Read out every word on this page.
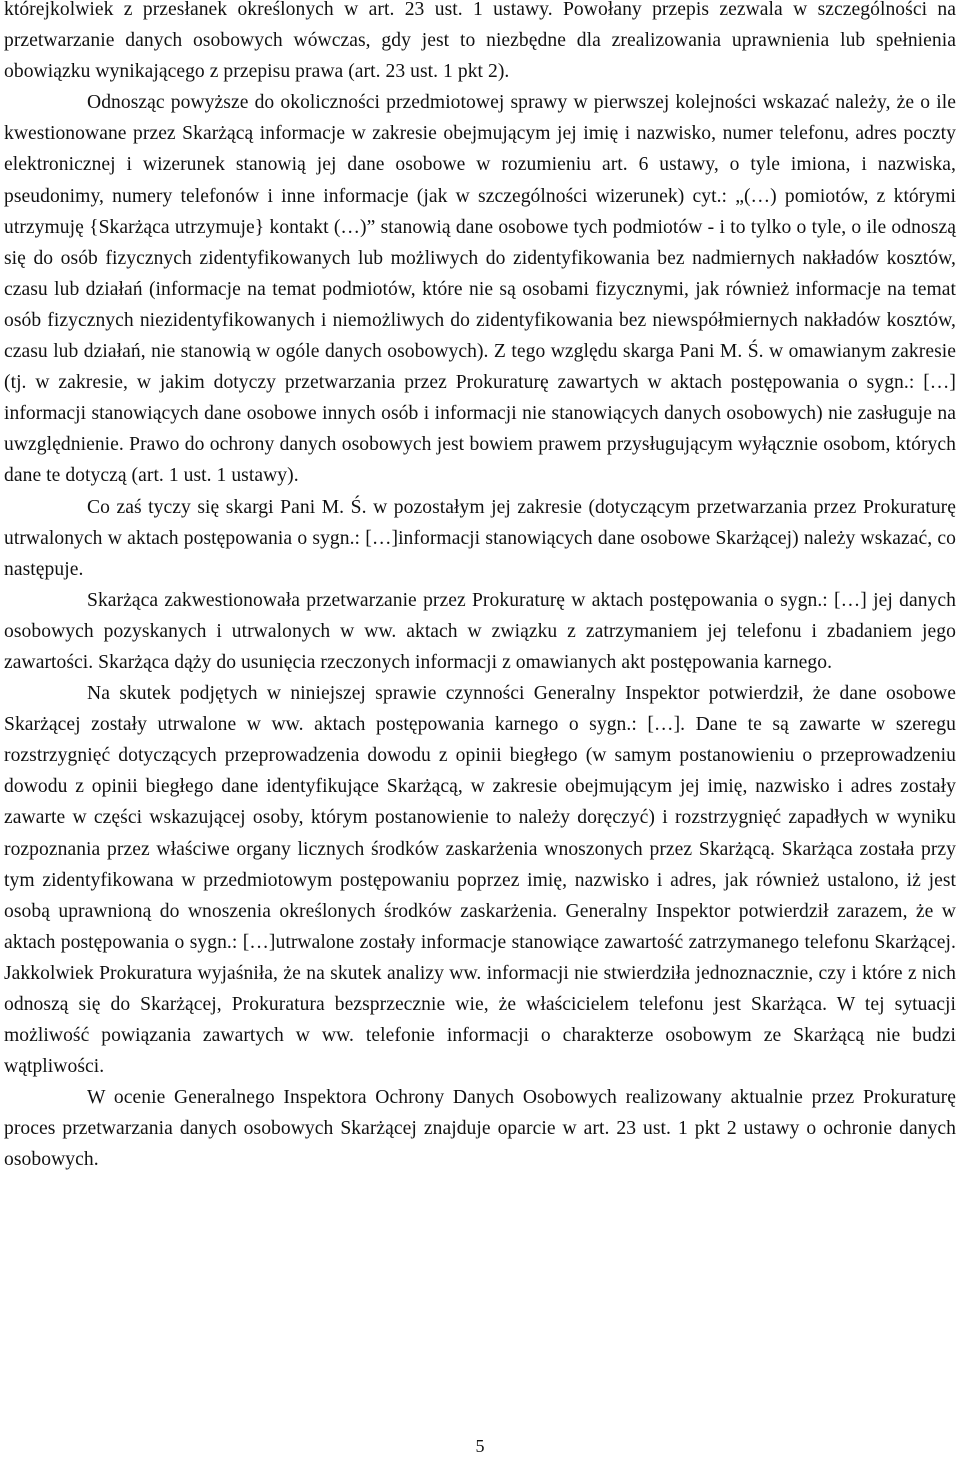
którejkolwiek z przesłanek określonych w art. 23 ust. 1 ustawy. Powołany przepis zezwala w szczególności na przetwarzanie danych osobowych wówczas, gdy jest to niezbędne dla zrealizowania uprawnienia lub spełnienia obowiązku wynikającego z przepisu prawa (art. 23 ust. 1 pkt 2).

Odnosząc powyższe do okoliczności przedmiotowej sprawy w pierwszej kolejności wskazać należy, że o ile kwestionowane przez Skarżącą informacje w zakresie obejmującym jej imię i nazwisko, numer telefonu, adres poczty elektronicznej i wizerunek stanowią jej dane osobowe w rozumieniu art. 6 ustawy, o tyle imiona, i nazwiska, pseudonimy, numery telefonów i inne informacje (jak w szczególności wizerunek) cyt.: „(…) pomiotów, z którymi utrzymuję {Skarżąca utrzymuje} kontakt (…)” stanowią dane osobowe tych podmiotów - i to tylko o tyle, o ile odnoszą się do osób fizycznych zidentyfikowanych lub możliwych do zidentyfikowania bez nadmiernych nakładów kosztów, czasu lub działań (informacje na temat podmiotów, które nie są osobami fizycznymi, jak również informacje na temat osób fizycznych niezidentyfikowanych i niemożliwych do zidentyfikowania bez niewspółmiernych nakładów kosztów, czasu lub działań, nie stanowią w ogóle danych osobowych). Z tego względu skarga Pani M. Ś. w omawianym zakresie (tj. w zakresie, w jakim dotyczy przetwarzania przez Prokuraturę zawartych w aktach postępowania o sygn.: […] informacji stanowiących dane osobowe innych osób i informacji nie stanowiących danych osobowych) nie zasługuje na uwzględnienie. Prawo do ochrony danych osobowych jest bowiem prawem przysługującym wyłącznie osobom, których dane te dotyczą (art. 1 ust. 1 ustawy).

Co zaś tyczy się skargi Pani M. Ś. w pozostałym jej zakresie (dotyczącym przetwarzania przez Prokuraturę utrwalonych w aktach postępowania o sygn.: […]informacji stanowiących dane osobowe Skarżącej) należy wskazać, co następuje.

Skarżąca zakwestionowała przetwarzanie przez Prokuraturę w aktach postępowania o sygn.: […] jej danych osobowych pozyskanych i utrwalonych w ww. aktach w związku z zatrzymaniem jej telefonu i zbadaniem jego zawartości. Skarżąca dąży do usunięcia rzeczonych informacji z omawianych akt postępowania karnego.

Na skutek podjętych w niniejszej sprawie czynności Generalny Inspektor potwierdził, że dane osobowe Skarżącej zostały utrwalone w ww. aktach postępowania karnego o sygn.: […]. Dane te są zawarte w szeregu rozstrzygnięć dotyczących przeprowadzenia dowodu z opinii biegłego (w samym postanowieniu o przeprowadzeniu dowodu z opinii biegłego dane identyfikujące Skarżącą, w zakresie obejmującym jej imię, nazwisko i adres zostały zawarte w części wskazującej osoby, którym postanowienie to należy doręczyć) i rozstrzygnięć zapadłych w wyniku rozpoznania przez właściwe organy licznych środków zaskarżenia wnoszonych przez Skarżącą. Skarżąca została przy tym zidentyfikowana w przedmiotowym postępowaniu poprzez imię, nazwisko i adres, jak również ustalono, iż jest osobą uprawnioną do wnoszenia określonych środków zaskarżenia. Generalny Inspektor potwierdził zarazem, że w aktach postępowania o sygn.: […]utrwalone zostały informacje stanowiące zawartość zatrzymanego telefonu Skarżącej. Jakkolwiek Prokuratura wyjaśniła, że na skutek analizy ww. informacji nie stwierdziła jednoznacznie, czy i które z nich odnoszą się do Skarżącej, Prokuratura bezsprzecznie wie, że właścicielem telefonu jest Skarżąca. W tej sytuacji możliwość powiązania zawartych w ww. telefonie informacji o charakterze osobowym ze Skarżącą nie budzi wątpliwości.

W ocenie Generalnego Inspektora Ochrony Danych Osobowych realizowany aktualnie przez Prokuraturę proces przetwarzania danych osobowych Skarżącej znajduje oparcie w art. 23 ust. 1 pkt 2 ustawy o ochronie danych osobowych.

5
